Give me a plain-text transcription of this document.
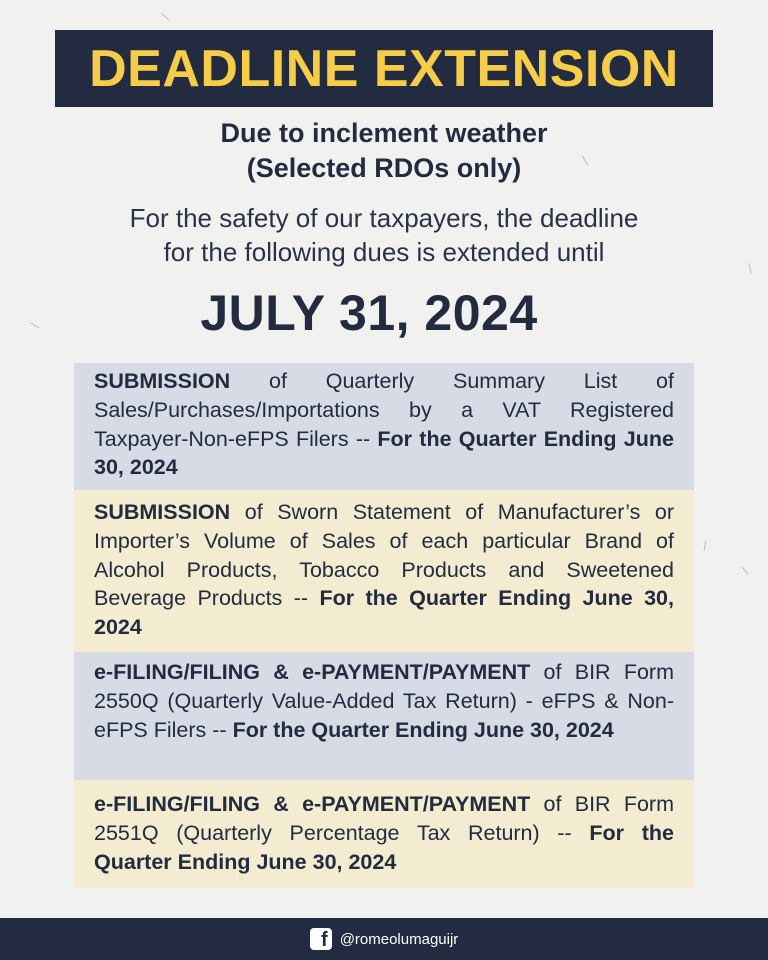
DEADLINE EXTENSION
Due to inclement weather
(Selected RDOs only)
For the safety of our taxpayers, the deadline
for the following dues is extended until
JULY 31, 2024
SUBMISSION of Quarterly Summary List of Sales/Purchases/Importations by a VAT Registered Taxpayer-Non-eFPS Filers -- For the Quarter Ending June 30, 2024
SUBMISSION of Sworn Statement of Manufacturer’s or Importer’s Volume of Sales of each particular Brand of Alcohol Products, Tobacco Products and Sweetened Beverage Products -- For the Quarter Ending June 30, 2024
e-FILING/FILING & e-PAYMENT/PAYMENT of BIR Form 2550Q (Quarterly Value-Added Tax Return) - eFPS & Non-eFPS Filers -- For the Quarter Ending June 30, 2024
e-FILING/FILING & e-PAYMENT/PAYMENT of BIR Form 2551Q (Quarterly Percentage Tax Return) -- For the Quarter Ending June 30, 2024
f @romeolumaguijr
